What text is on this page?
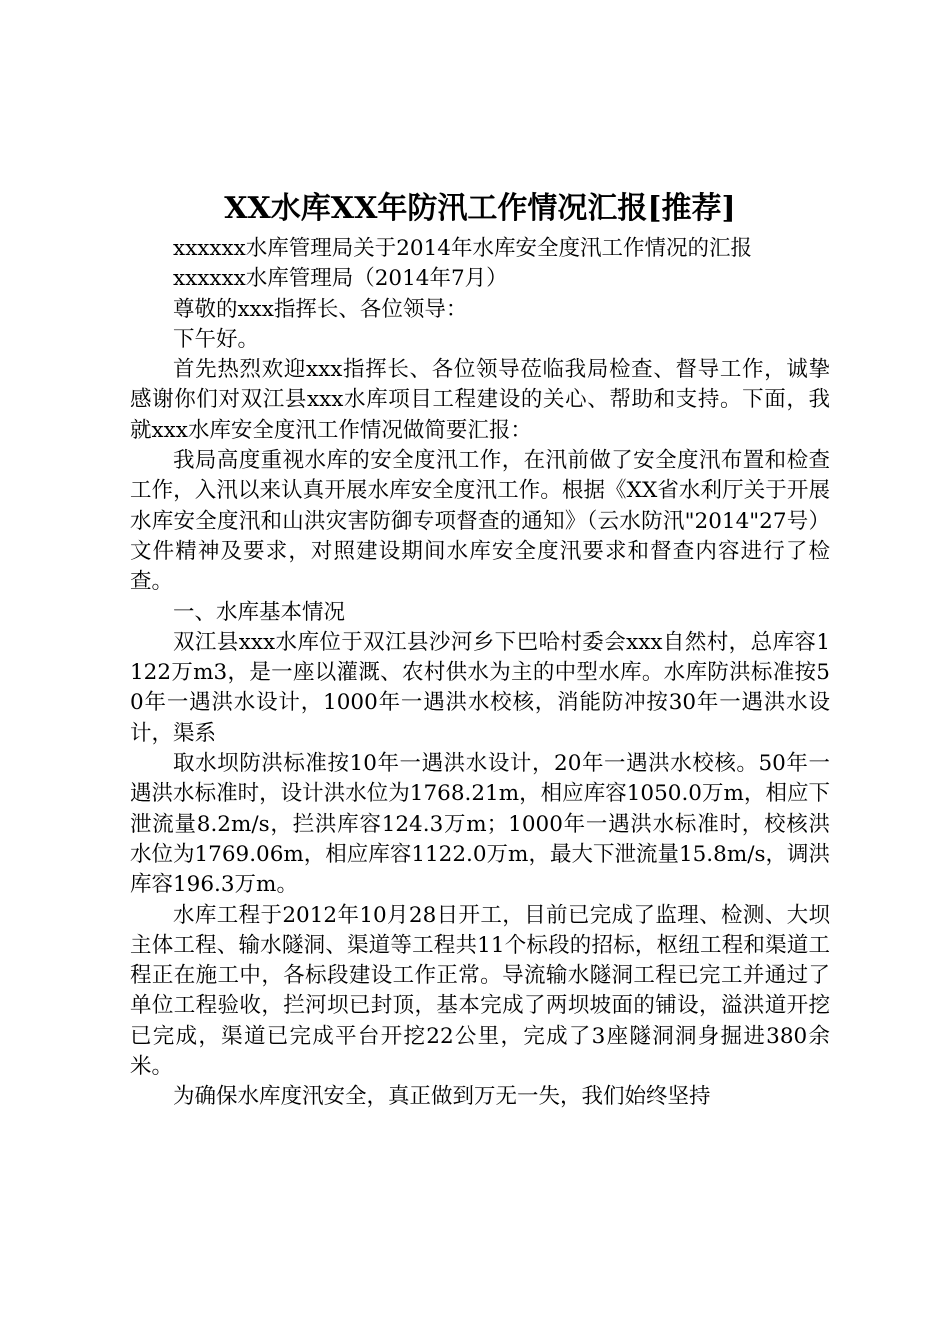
XX水库XX年防汛工作情况汇报[推荐]

xxxxxx水库管理局关于2014年水库安全度汛工作情况的汇报

xxxxxx水库管理局（2014年7月）

尊敬的xxx指挥长、各位领导：

下午好。

首先热烈欢迎xxx指挥长、各位领导莅临我局检查、督导工作，诚挚感谢你们对双江县xxx水库项目工程建设的关心、帮助和支持。下面，我就xxx水库安全度汛工作情况做简要汇报：

我局高度重视水库的安全度汛工作，在汛前做了安全度汛布置和检查工作，入汛以来认真开展水库安全度汛工作。根据《XX省水利厅关于开展水库安全度汛和山洪灾害防御专项督查的通知》（云水防汛"2014"27号）文件精神及要求，对照建设期间水库安全度汛要求和督查内容进行了检查。

一、水库基本情况

双江县xxx水库位于双江县沙河乡下巴哈村委会xxx自然村，总库容1122万m3，是一座以灌溉、农村供水为主的中型水库。水库防洪标准按50年一遇洪水设计，1000年一遇洪水校核，消能防冲按30年一遇洪水设计，渠系

取水坝防洪标准按10年一遇洪水设计，20年一遇洪水校核。50年一遇洪水标准时，设计洪水位为1768.21m，相应库容1050.0万m，相应下泄流量8.2m/s，拦洪库容124.3万m；1000年一遇洪水标准时，校核洪水位为1769.06m，相应库容1122.0万m，最大下泄流量15.8m/s，调洪库容196.3万m。

水库工程于2012年10月28日开工，目前已完成了监理、检测、大坝主体工程、输水隧洞、渠道等工程共11个标段的招标，枢纽工程和渠道工程正在施工中，各标段建设工作正常。导流输水隧洞工程已完工并通过了单位工程验收，拦河坝已封顶，基本完成了两坝坡面的铺设，溢洪道开挖已完成，渠道已完成平台开挖22公里，完成了3座隧洞洞身掘进380余米。

为确保水库度汛安全，真正做到万无一失，我们始终坚持
